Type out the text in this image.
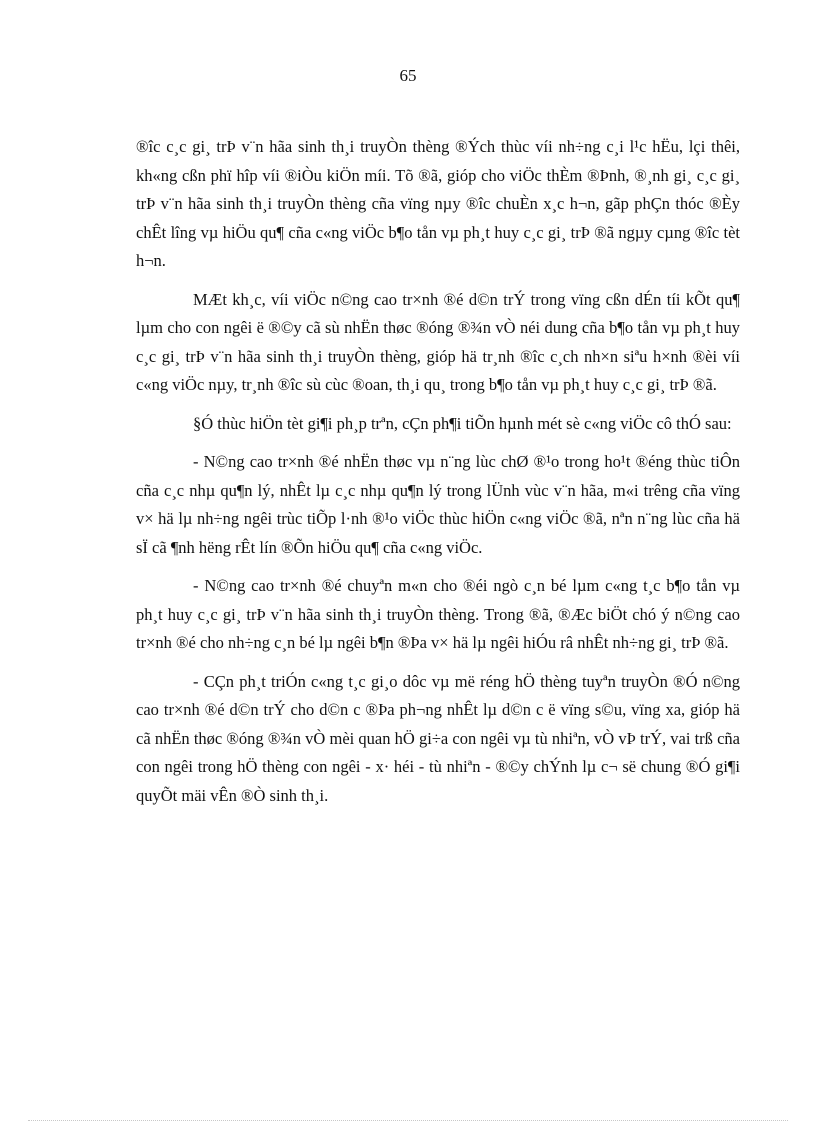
65

®îc c¸c gi¸ trÞ v¨n hãa sinh th¸i truyÒn thèng ®Ých thùc víi nh÷ng c¸i l¹c hËu, lçi thêi, kh«ng cßn phï hîp víi ®iÒu kiÖn míi. Tõ ®ã, gióp cho viÖc thÈm ®Þnh, ®¸nh gi¸ c¸c gi¸ trÞ v¨n hãa sinh th¸i truyÒn thèng cña vïng nµy ®îc chuÈn x¸c h¬n, gãp phÇn thóc ®Èy chÊt lîng vµ hiÖu qu¶ cña c«ng viÖc b¶o tån vµ ph¸t huy c¸c gi¸ trÞ ®ã ngµy cµng ®îc tèt h¬n.

MÆt kh¸c, víi viÖc n©ng cao tr×nh ®é d©n trÝ trong vïng cßn dÉn tíi kÕt qu¶ lµm cho con ngêi ë ®©y cã sù nhËn thøc ®óng ®¾n vÒ néi dung cña b¶o tån vµ ph¸t huy c¸c gi¸ trÞ v¨n hãa sinh th¸i truyÒn thèng, gióp hä tr¸nh ®îc c¸ch nh×n siªu h×nh ®èi víi c«ng viÖc nµy, tr¸nh ®îc sù cùc ®oan, th¸i qu¸ trong b¶o tån vµ ph¸t huy c¸c gi¸ trÞ ®ã.

§Ó thùc hiÖn tèt gi¶i ph¸p trªn, cÇn ph¶i tiÕn hµnh mét sè c«ng viÖc cô thÓ sau:

- N©ng cao tr×nh ®é nhËn thøc vµ n¨ng lùc chØ ®¹o trong ho¹t ®éng thùc tiÔn cña c¸c nhµ qu¶n lý, nhÊt lµ c¸c nhµ qu¶n lý trong lÜnh vùc v¨n hãa, m«i trêng cña vïng v× hä lµ nh÷ng ngêi trùc tiÕp l·nh ®¹o viÖc thùc hiÖn c«ng viÖc ®ã, nªn n¨ng lùc cña hä sÏ cã ¶nh hëng rÊt lín ®Õn hiÖu qu¶ cña c«ng viÖc.

- N©ng cao tr×nh ®é chuyªn m«n cho ®éi ngò c¸n bé lµm c«ng t¸c b¶o tån vµ ph¸t huy c¸c gi¸ trÞ v¨n hãa sinh th¸i truyÒn thèng. Trong ®ã, ®Æc biÖt chó ý n©ng cao tr×nh ®é cho nh÷ng c¸n bé lµ ngêi b¶n ®Þa v× hä lµ ngêi hiÓu râ nhÊt nh÷ng gi¸ trÞ ®ã.

- CÇn ph¸t triÓn c«ng t¸c gi¸o dôc vµ më réng hÖ thèng tuyªn truyÒn ®Ó n©ng cao tr×nh ®é d©n trÝ cho d©n c ®Þa ph¬ng nhÊt lµ d©n c ë vïng s©u, vïng xa, gióp hä cã nhËn thøc ®óng ®¾n vÒ mèi quan hÖ gi÷a con ngêi vµ tù nhiªn, vÒ vÞ trÝ, vai trß cña con ngêi trong hÖ thèng con ngêi - x· héi - tù nhiªn - ®©y chÝnh lµ c¬ së chung ®Ó gi¶i quyÕt mäi vÊn ®Ò sinh th¸i.
